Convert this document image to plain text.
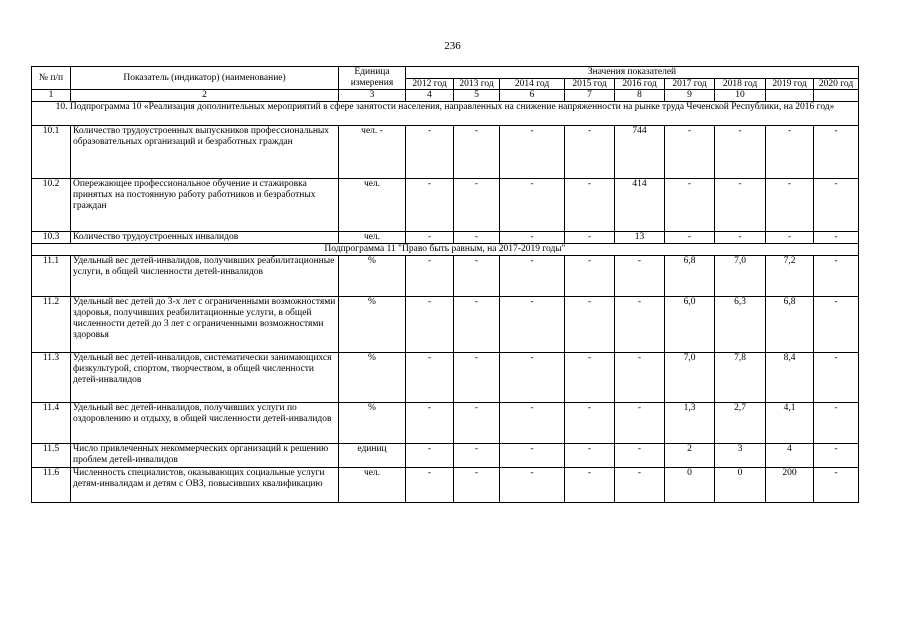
236
№ п/п	Показатель (индикатор) (наименование)	Единица измерения	Значения показателей								
			2012 год	2013 год	2014 год	2015 год	2016 год	2017 год	2018 год	2019 год	2020 год
1	2	3	4	5	6	7	8	9	10		
10. Подпрограмма 10 «Реализация дополнительных мероприятий в сфере занятости населения, направленных на снижение напряженности на рынке труда Чеченской Республики, на 2016 год»											
10.1	Количество трудоустроенных выпускников профессиональных образовательных организаций и безработных граждан	чел. -	-	-	-	-	744	-	-	-	-
10.2	Опережающее профессиональное обучение и стажировка принятых на постоянную работу работников и безработных граждан	чел.	-	-	-	-	414	-	-	-	-
10.3	Количество трудоустроенных инвалидов	чел.	-	-	-	-	13	-	-	-	-
Подпрограмма 11 "Право быть равным, на 2017-2019 годы"											
11.1	Удельный вес детей-инвалидов, получивших реабилитационные услуги, в общей численности детей-инвалидов	%	-	-	-	-	-	6,8	7,0	7,2	-
11.2	Удельный вес детей до 3-х лет с ограниченными возможностями здоровья, получивших реабилитационные услуги, в общей численности детей до 3 лет с ограниченными возможностями здоровья	%	-	-	-	-	-	6,0	6,3	6,8	-
11.3	Удельный вес детей-инвалидов, систематически занимающихся физкультурой, спортом, творчеством, в общей численности детей-инвалидов	%	-	-	-	-	-	7,0	7,8	8,4	-
11.4	Удельный вес детей-инвалидов, получивших услуги по оздоровлению и отдыху, в общей численности детей-инвалидов	%	-	-	-	-	-	1,3	2,7	4,1	-
11.5	Число привлеченных некоммерческих организаций к решению проблем детей-инвалидов	единиц	-	-	-	-	-	2	3	4	-
11.6	Численность специалистов, оказывающих социальные услуги детям-инвалидам и детям с ОВЗ, повысивших квалификацию	чел.	-	-	-	-	-	0	0	200	-
